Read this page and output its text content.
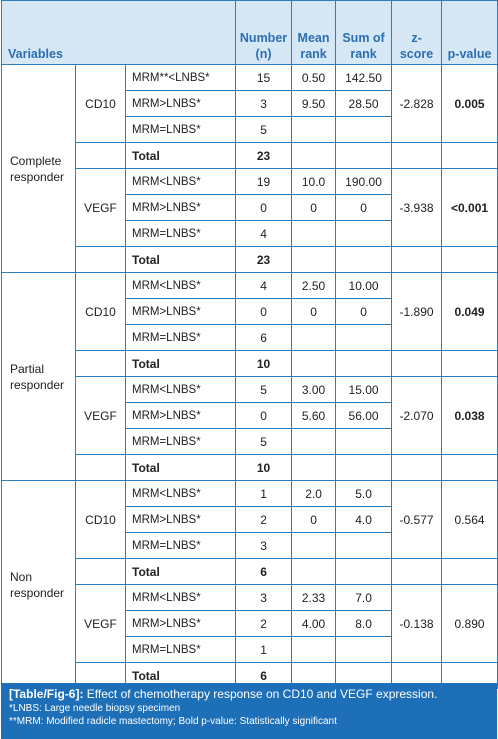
Variables			Number (n)	Mean rank	Sum of rank	z-score	p-value
Complete responder	CD10	MRM**<LNBS*	15	0.50	142.50	-2.828	0.005
		MRM>LNBS*	3	9.50	28.50		
		MRM=LNBS*	5				
		Total	23				
	VEGF	MRM<LNBS*	19	10.0	190.00	-3.938	<0.001
		MRM>LNBS*	0	0	0		
		MRM=LNBS*	4				
		Total	23				
Partial responder	CD10	MRM<LNBS*	4	2.50	10.00	-1.890	0.049
		MRM>LNBS*	0	0	0		
		MRM=LNBS*	6				
		Total	10				
	VEGF	MRM<LNBS*	5	3.00	15.00	-2.070	0.038
		MRM>LNBS*	0	5.60	56.00		
		MRM=LNBS*	5				
		Total	10				
Non responder	CD10	MRM<LNBS*	1	2.0	5.0	-0.577	0.564
		MRM>LNBS*	2	0	4.0		
		MRM=LNBS*	3				
		Total	6				
	VEGF	MRM<LNBS*	3	2.33	7.0	-0.138	0.890
		MRM>LNBS*	2	4.00	8.0		
		MRM=LNBS*	1				
		Total	6				
[Table/Fig-6]: Effect of chemotherapy response on CD10 and VEGF expression.
*LNBS: Large needle biopsy specimen
**MRM: Modified radicle mastectomy; Bold p-value: Statistically significant
